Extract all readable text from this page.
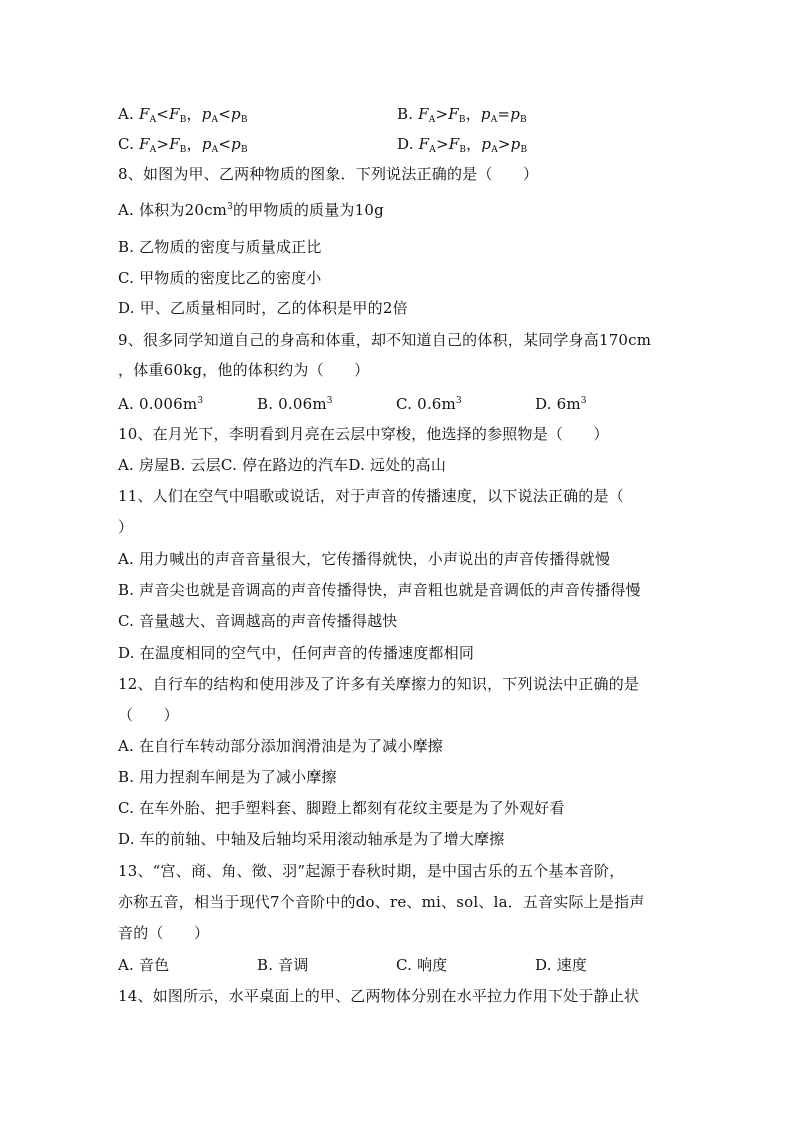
A. $F_A<F_B$，$p_A<p_B$	B. $F_A>F_B$，$p_A=p_B$
C. $F_A>F_B$，$p_A<p_B$	D. $F_A>F_B$，$p_A>p_B$
8、如图为甲、乙两种物质的图象．下列说法正确的是（　　）
A. 体积为$20cm^3$的甲物质的质量为10g
B. 乙物质的密度与质量成正比
C. 甲物质的密度比乙的密度小
D. 甲、乙质量相同时，乙的体积是甲的2倍
9、很多同学知道自己的身高和体重，却不知道自己的体积，某同学身高170cm
，体重60kg，他的体积约为（　　）
A. $0.006m^3$	B. $0.06m^3$	C. $0.6m^3$	D. $6m^3$
10、在月光下，李明看到月亮在云层中穿梭，他选择的参照物是（　　）
A. 房屋B. 云层C. 停在路边的汽车D. 远处的高山
11、人们在空气中唱歌或说话，对于声音的传播速度，以下说法正确的是（
）
A. 用力喊出的声音音量很大，它传播得就快，小声说出的声音传播得就慢
B. 声音尖也就是音调高的声音传播得快，声音粗也就是音调低的声音传播得慢
C. 音量越大、音调越高的声音传播得越快
D. 在温度相同的空气中，任何声音的传播速度都相同
12、自行车的结构和使用涉及了许多有关摩擦力的知识，下列说法中正确的是
（　　）
A. 在自行车转动部分添加润滑油是为了减小摩擦
B. 用力捏刹车闸是为了减小摩擦
C. 在车外胎、把手塑料套、脚蹬上都刻有花纹主要是为了外观好看
D. 车的前轴、中轴及后轴均采用滚动轴承是为了增大摩擦
13、“宫、商、角、徵、羽”起源于春秋时期，是中国古乐的五个基本音阶，
亦称五音，相当于现代7个音阶中的do、re、mi、sol、la．五音实际上是指声
音的（　　）
A. 音色	B. 音调	C. 响度	D. 速度
14、如图所示，水平桌面上的甲、乙两物体分别在水平拉力作用下处于静止状
